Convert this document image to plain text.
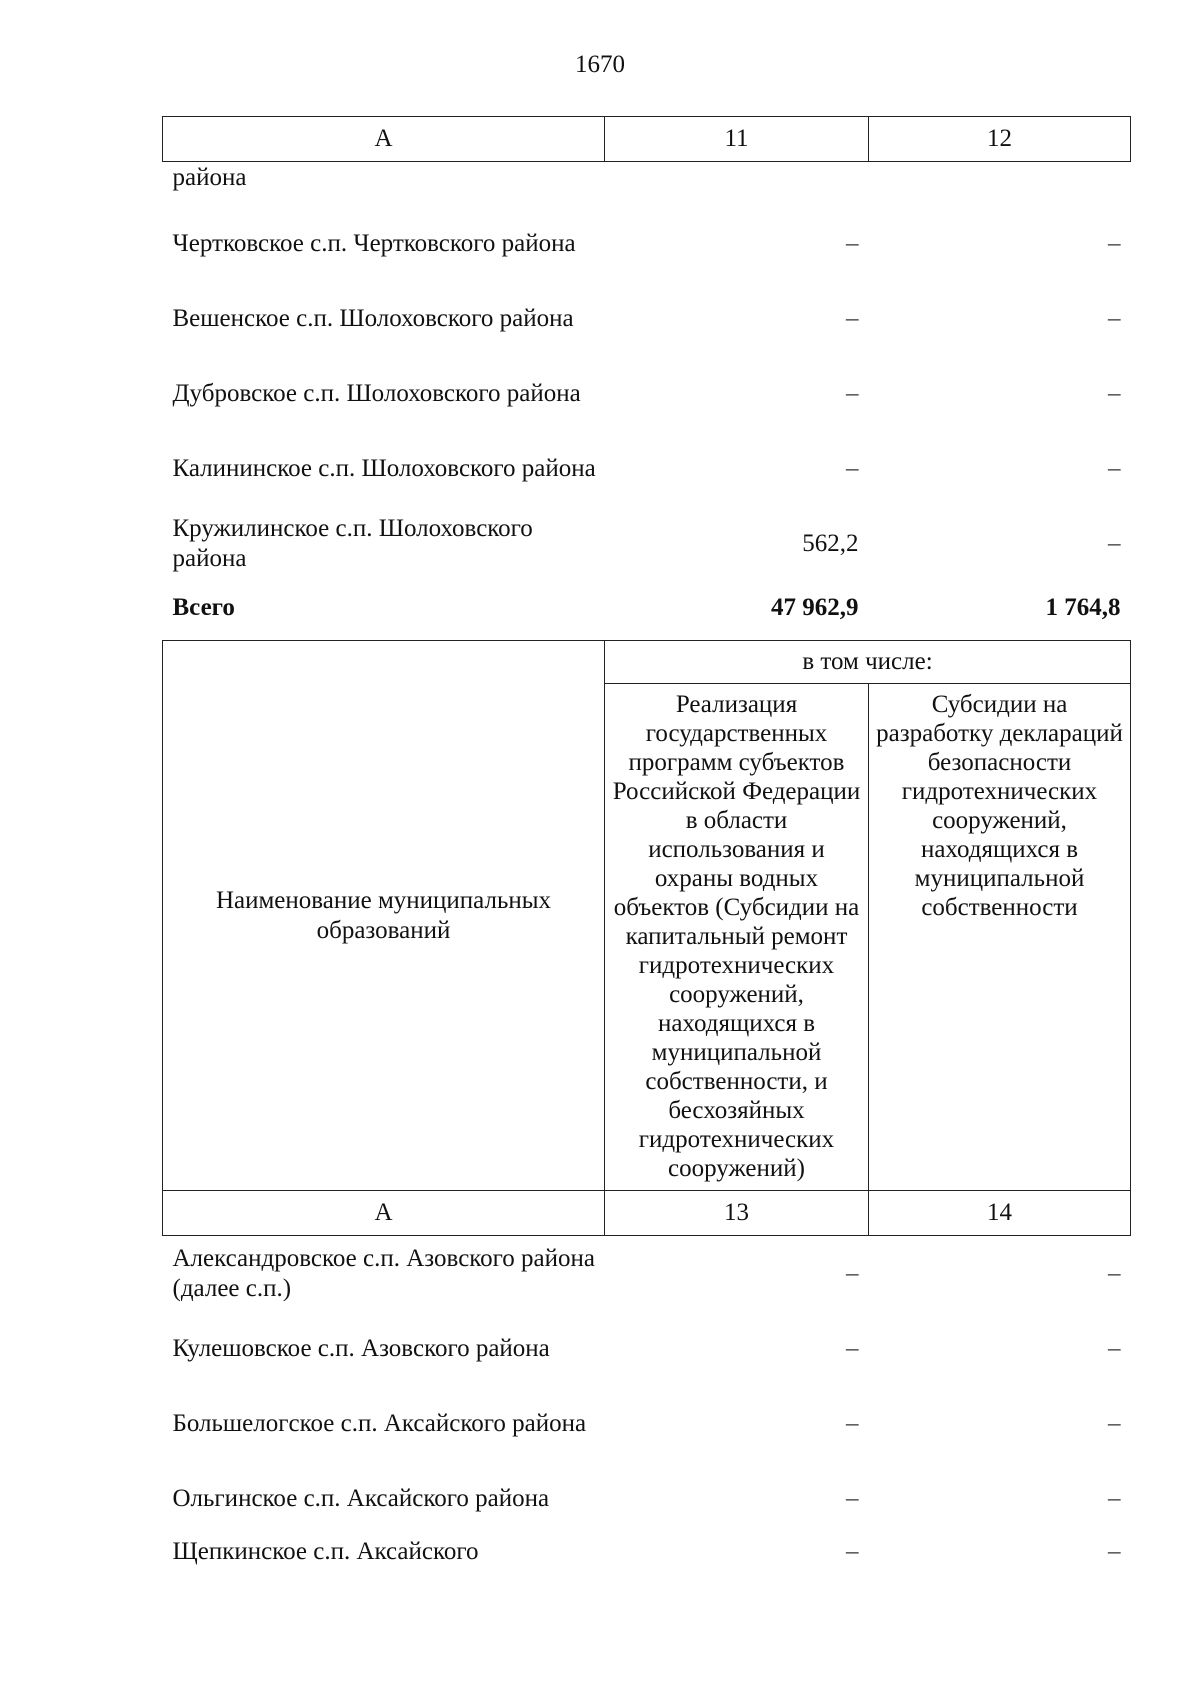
1670
А	11	12
района		
Чертковское с.п. Чертковского района	–	–
Вешенское с.п. Шолоховского района	–	–
Дубровское с.п. Шолоховского района	–	–
Калининское с.п. Шолоховского района	–	–
Кружилинское с.п. Шолоховского района	562,2	–
Всего	47 962,9	1 764,8
Наименование муниципальных образований	в том числе:	
	Реализация государственных программ субъектов Российской Федерации в области использования и охраны водных объектов (Субсидии на капитальный ремонт гидротехнических сооружений, находящихся в муниципальной собственности, и бесхозяйных гидротехнических сооружений)	Субсидии на разработку деклараций безопасности гидротехнических сооружений, находящихся в муниципальной собственности
А	13	14
Александровское с.п. Азовского района (далее с.п.)	–	–
Кулешовское с.п. Азовского района	–	–
Большелогское с.п. Аксайского района	–	–
Ольгинское с.п. Аксайского района	–	–
Щепкинское с.п. Аксайского	–	–
